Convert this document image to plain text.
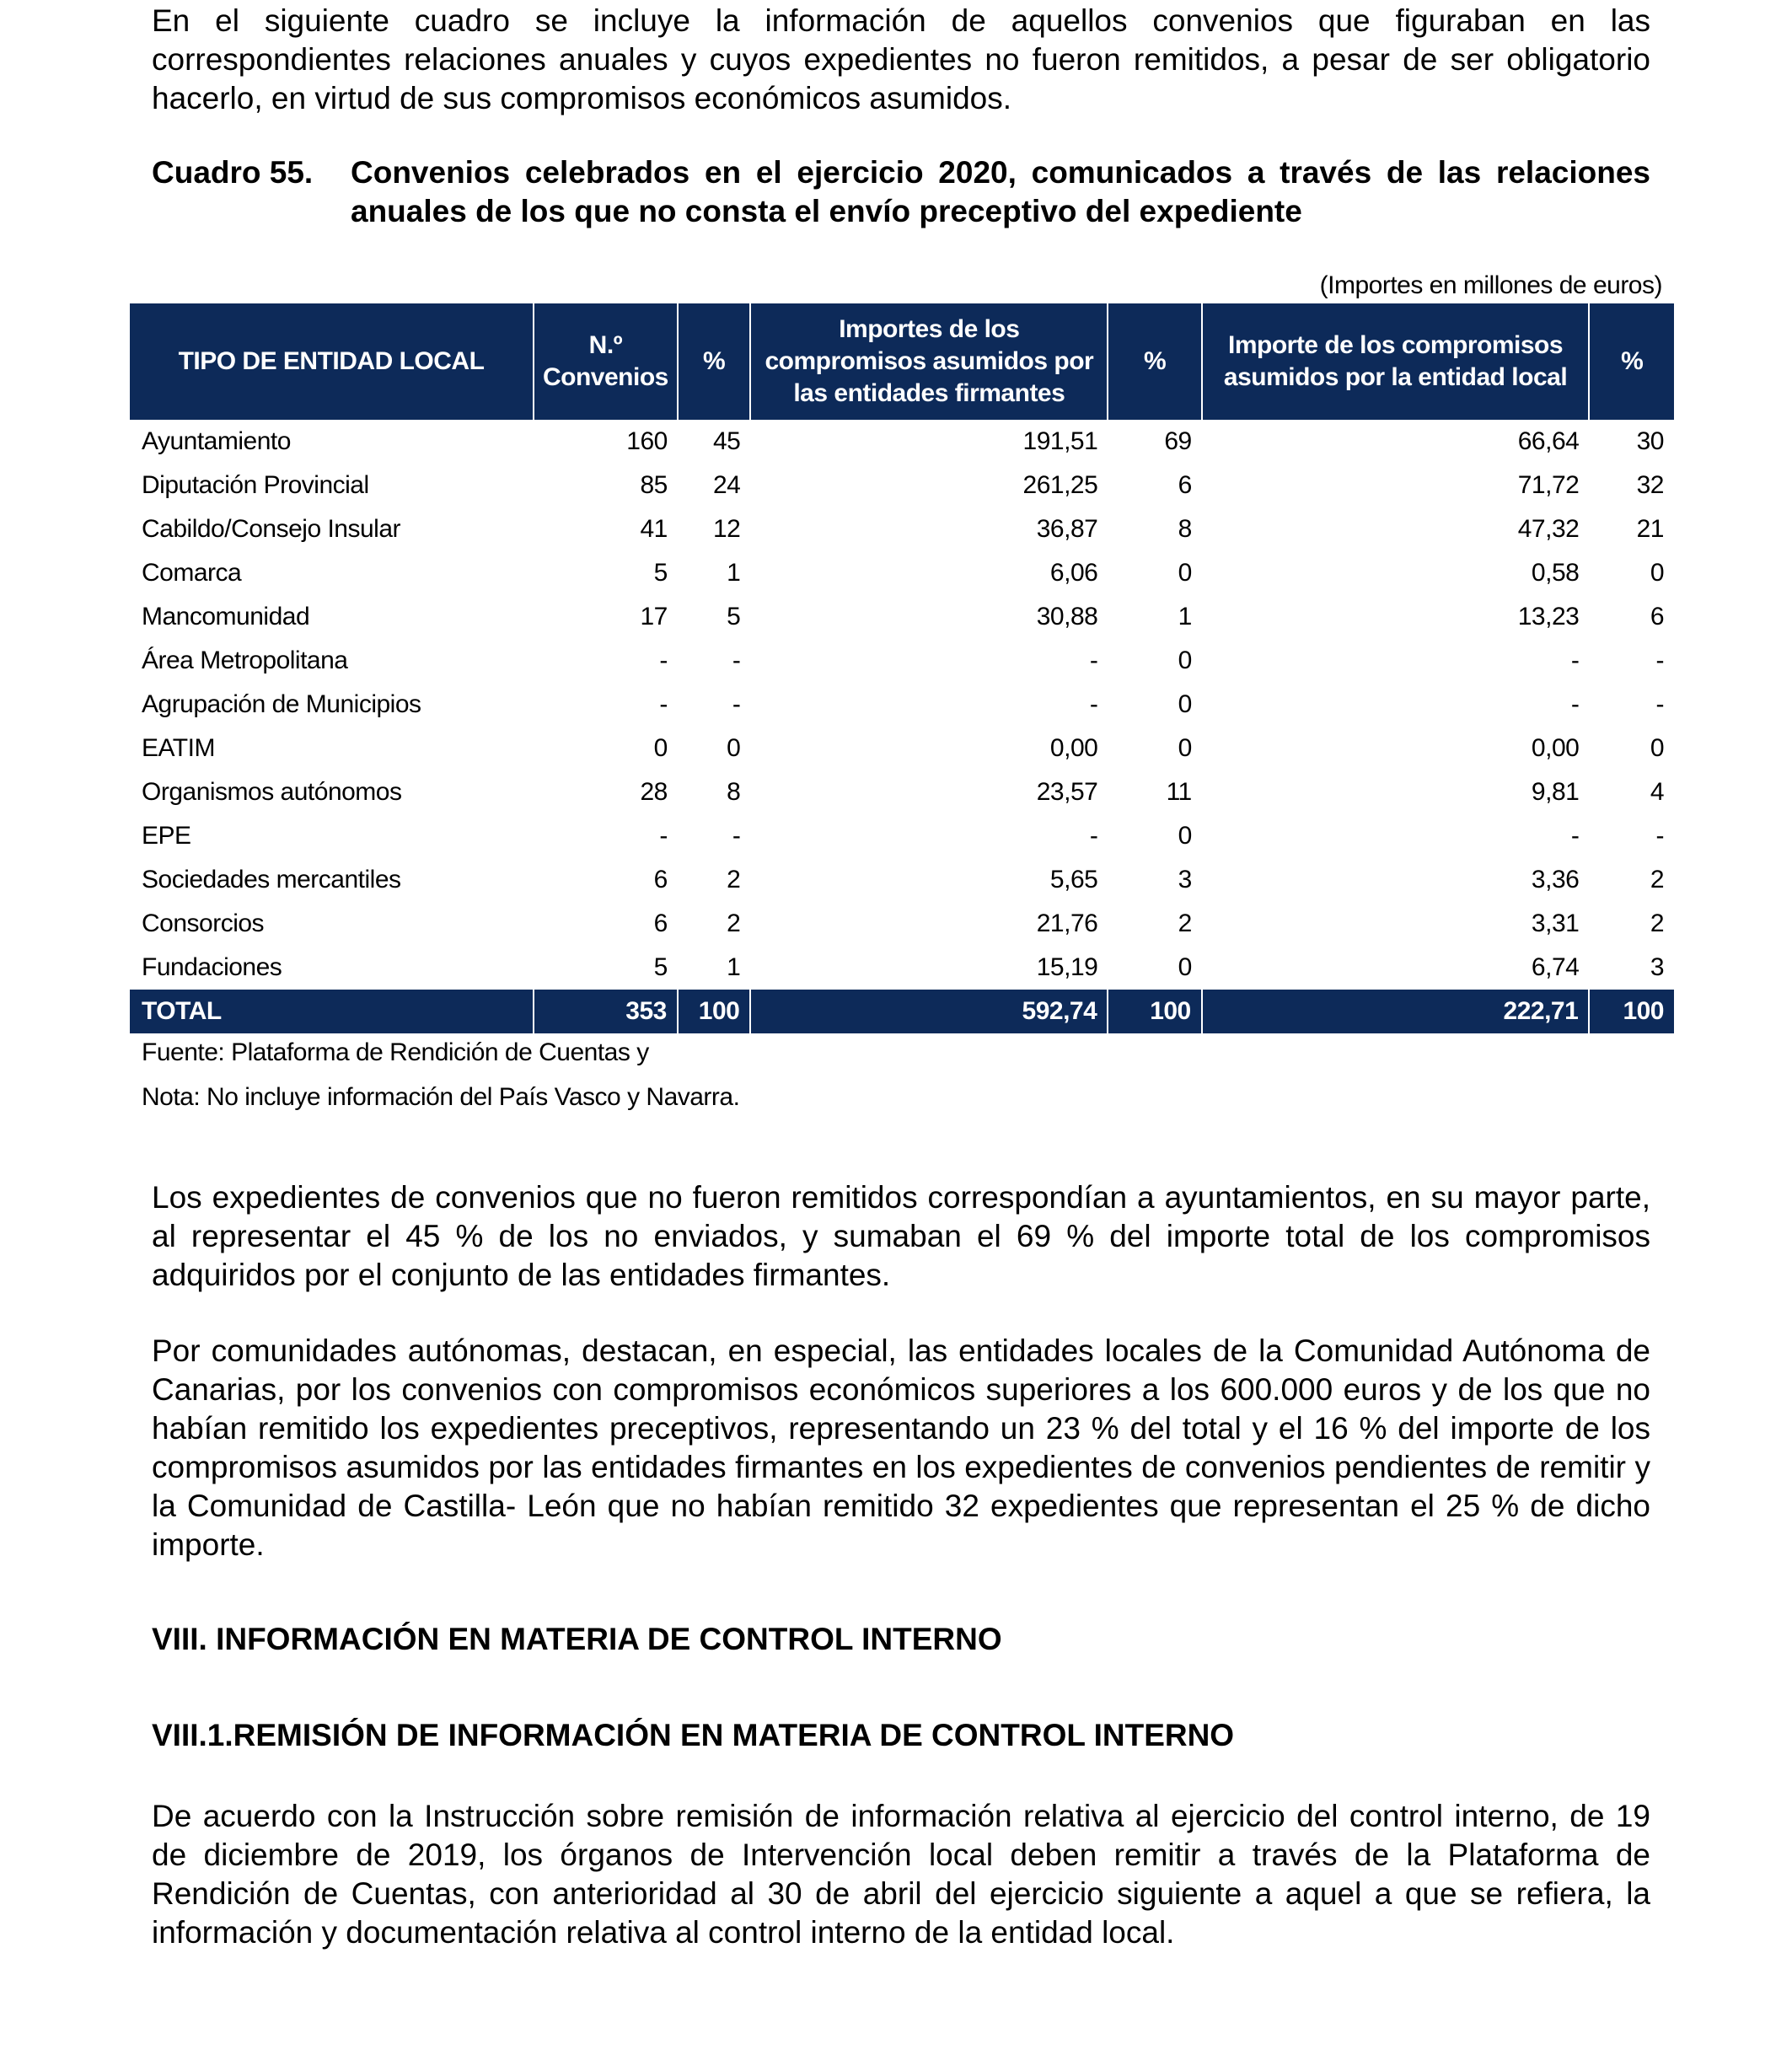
En el siguiente cuadro se incluye la información de aquellos convenios que figuraban en las correspondientes relaciones anuales y cuyos expedientes no fueron remitidos, a pesar de ser obligatorio hacerlo, en virtud de sus compromisos económicos asumidos.

Cuadro 55.	Convenios celebrados en el ejercicio 2020, comunicados a través de las relaciones anuales de los que no consta el envío preceptivo del expediente
(Importes en millones de euros)
TIPO DE ENTIDAD LOCAL	N.º Convenios	%	Importes de los compromisos asumidos por las entidades firmantes	%	Importe de los compromisos asumidos por la entidad local	%
Ayuntamiento	160	45	191,51	69	66,64	30
Diputación Provincial	85	24	261,25	6	71,72	32
Cabildo/Consejo Insular	41	12	36,87	8	47,32	21
Comarca	5	1	6,06	0	0,58	0
Mancomunidad	17	5	30,88	1	13,23	6
Área Metropolitana	-	-	-	0	-	-
Agrupación de Municipios	-	-	-	0	-	-
EATIM	0	0	0,00	0	0,00	0
Organismos autónomos	28	8	23,57	11	9,81	4
EPE	-	-	-	0	-	-
Sociedades mercantiles	6	2	5,65	3	3,36	2
Consorcios	6	2	21,76	2	3,31	2
Fundaciones	5	1	15,19	0	6,74	3
TOTAL	353	100	592,74	100	222,71	100
Fuente: Plataforma de Rendición de Cuentas y
Nota: No incluye información del País Vasco y Navarra.

Los expedientes de convenios que no fueron remitidos correspondían a ayuntamientos, en su mayor parte, al representar el 45 % de los no enviados, y sumaban el 69 % del importe total de los compromisos adquiridos por el conjunto de las entidades firmantes.

Por comunidades autónomas, destacan, en especial, las entidades locales de la Comunidad Autónoma de Canarias, por los convenios con compromisos económicos superiores a los 600.000 euros y de los que no habían remitido los expedientes preceptivos, representando un 23 % del total y el 16 % del importe de los compromisos asumidos por las entidades firmantes en los expedientes de convenios pendientes de remitir y la Comunidad de Castilla- León que no habían remitido 32 expedientes que representan el 25 % de dicho importe.

VIII. INFORMACIÓN EN MATERIA DE CONTROL INTERNO
VIII.1.REMISIÓN DE INFORMACIÓN EN MATERIA DE CONTROL INTERNO

De acuerdo con la Instrucción sobre remisión de información relativa al ejercicio del control interno, de 19 de diciembre de 2019, los órganos de Intervención local deben remitir a través de la Plataforma de Rendición de Cuentas, con anterioridad al 30 de abril del ejercicio siguiente a aquel a que se refiera, la información y documentación relativa al control interno de la entidad local.
